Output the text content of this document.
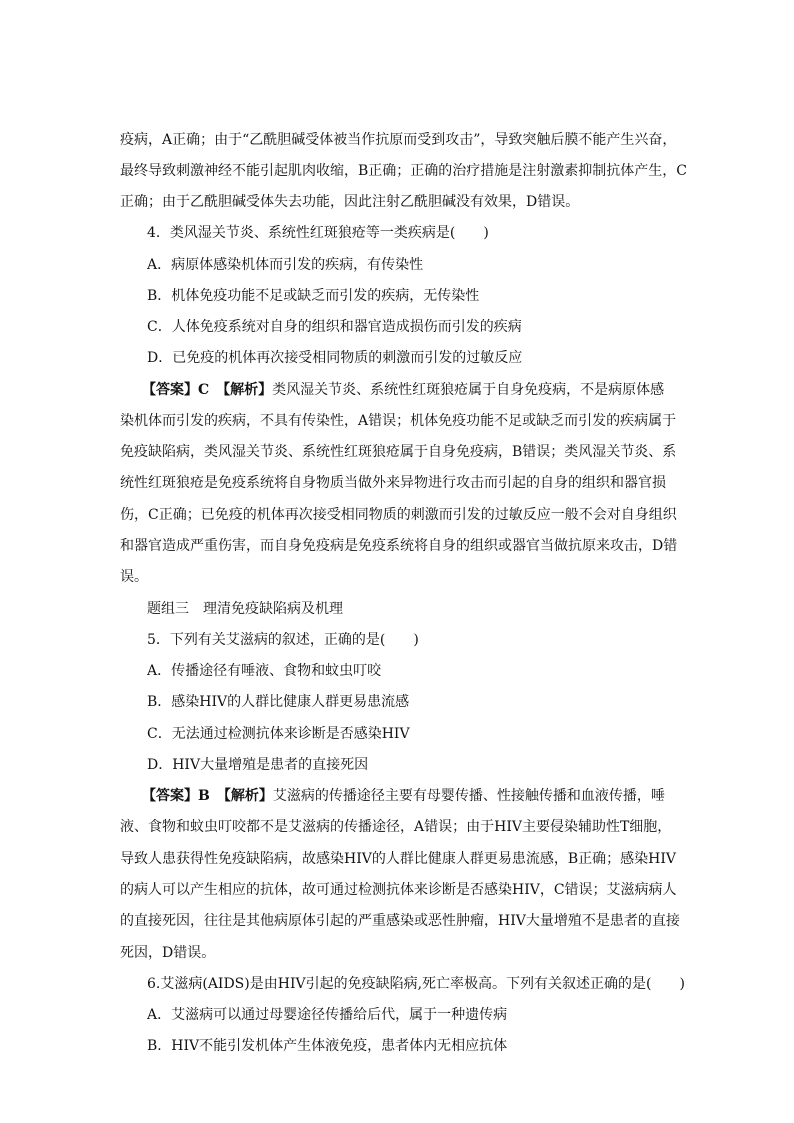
疫病，A正确；由于“乙酰胆碱受体被当作抗原而受到攻击”，导致突触后膜不能产生兴奋，
最终导致刺激神经不能引起肌肉收缩，B正确；正确的治疗措施是注射激素抑制抗体产生，C
正确；由于乙酰胆碱受体失去功能，因此注射乙酰胆碱没有效果，D错误。
4．类风湿关节炎、系统性红斑狼疮等一类疾病是(　　)
A．病原体感染机体而引发的疾病，有传染性
B．机体免疫功能不足或缺乏而引发的疾病，无传染性
C．人体免疫系统对自身的组织和器官造成损伤而引发的疾病
D．已免疫的机体再次接受相同物质的刺激而引发的过敏反应
【答案】C　【解析】类风湿关节炎、系统性红斑狼疮属于自身免疫病，不是病原体感
染机体而引发的疾病，不具有传染性，A错误；机体免疫功能不足或缺乏而引发的疾病属于
免疫缺陷病，类风湿关节炎、系统性红斑狼疮属于自身免疫病，B错误；类风湿关节炎、系
统性红斑狼疮是免疫系统将自身物质当做外来异物进行攻击而引起的自身的组织和器官损
伤，C正确；已免疫的机体再次接受相同物质的刺激而引发的过敏反应一般不会对自身组织
和器官造成严重伤害，而自身免疫病是免疫系统将自身的组织或器官当做抗原来攻击，D错
误。
题组三　理清免疫缺陷病及机理
5．下列有关艾滋病的叙述，正确的是(　　)
A．传播途径有唾液、食物和蚊虫叮咬
B．感染HIV的人群比健康人群更易患流感
C．无法通过检测抗体来诊断是否感染HIV
D．HIV大量增殖是患者的直接死因
【答案】B　【解析】艾滋病的传播途径主要有母婴传播、性接触传播和血液传播，唾
液、食物和蚊虫叮咬都不是艾滋病的传播途径，A错误；由于HIV主要侵染辅助性T细胞，
导致人患获得性免疫缺陷病，故感染HIV的人群比健康人群更易患流感，B正确；感染HIV
的病人可以产生相应的抗体，故可通过检测抗体来诊断是否感染HIV，C错误；艾滋病病人
的直接死因，往往是其他病原体引起的严重感染或恶性肿瘤，HIV大量增殖不是患者的直接
死因，D错误。
6.艾滋病(AIDS)是由HIV引起的免疫缺陷病,死亡率极高。下列有关叙述正确的是(　　)
A．艾滋病可以通过母婴途径传播给后代，属于一种遗传病
B．HIV不能引发机体产生体液免疫，患者体内无相应抗体
